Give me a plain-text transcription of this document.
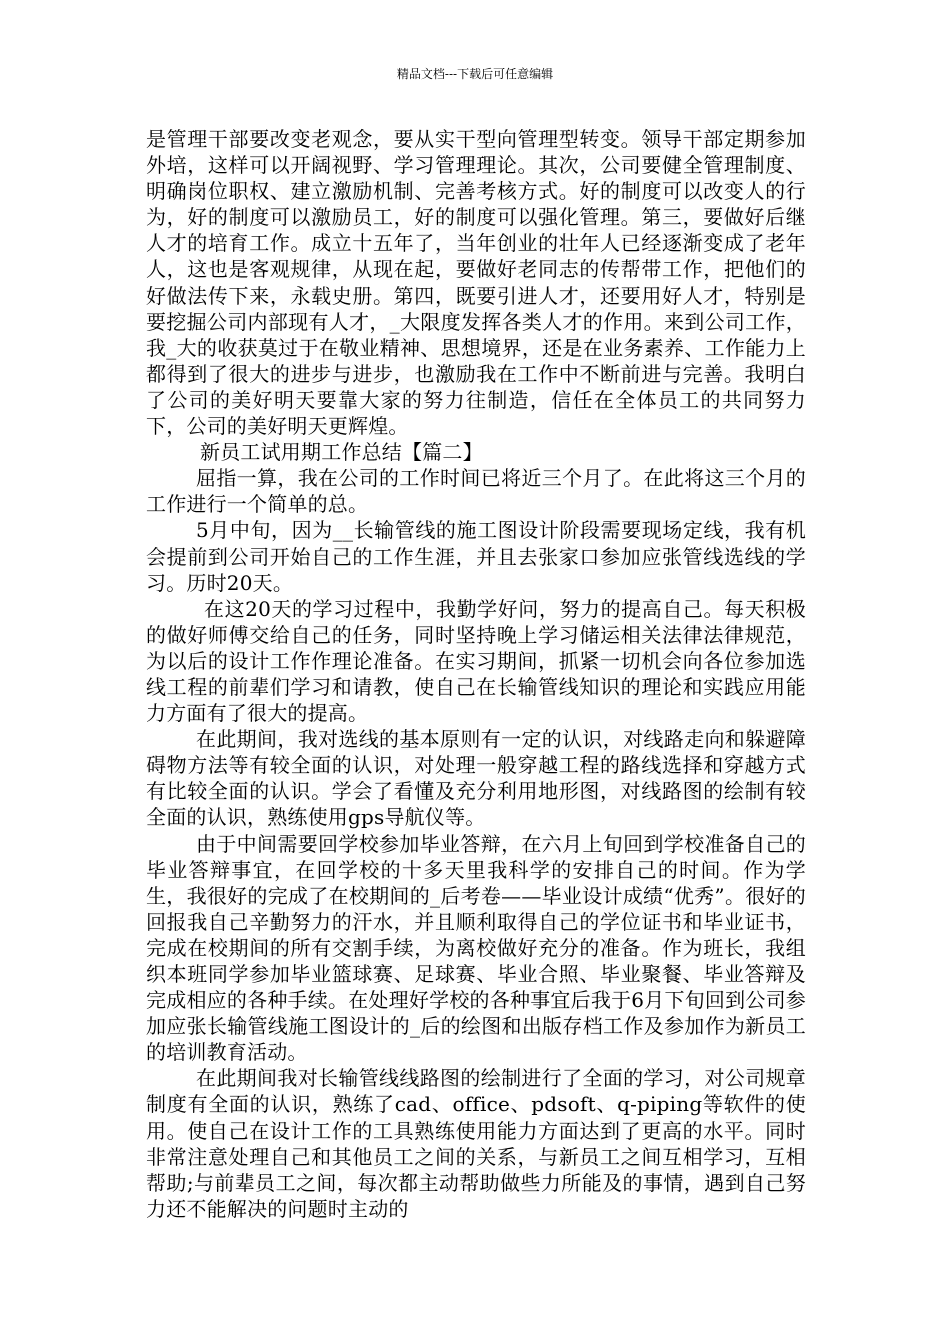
精品文档---下载后可任意编辑

是管理干部要改变老观念，要从实干型向管理型转变。领导干部定期参加外培，这样可以开阔视野、学习管理理论。其次，公司要健全管理制度、明确岗位职权、建立激励机制、完善考核方式。好的制度可以改变人的行为，好的制度可以激励员工，好的制度可以强化管理。第三，要做好后继人才的培育工作。成立十五年了，当年创业的壮年人已经逐渐变成了老年人，这也是客观规律，从现在起，要做好老同志的传帮带工作，把他们的好做法传下来，永载史册。第四，既要引进人才，还要用好人才，特别是要挖掘公司内部现有人才，_大限度发挥各类人才的作用。来到公司工作，我_大的收获莫过于在敬业精神、思想境界，还是在业务素养、工作能力上都得到了很大的进步与进步，也激励我在工作中不断前进与完善。我明白了公司的美好明天要靠大家的努力往制造，信任在全体员工的共同努力下，公司的美好明天更辉煌。

新员工试用期工作总结【篇二】

屈指一算，我在公司的工作时间已将近三个月了。在此将这三个月的工作进行一个简单的总。

5月中旬，因为__长输管线的施工图设计阶段需要现场定线，我有机会提前到公司开始自己的工作生涯，并且去张家口参加应张管线选线的学习。历时20天。

在这20天的学习过程中，我勤学好问，努力的提高自己。每天积极的做好师傅交给自己的任务，同时坚持晚上学习储运相关法律法律规范，为以后的设计工作作理论准备。在实习期间，抓紧一切机会向各位参加选线工程的前辈们学习和请教，使自己在长输管线知识的理论和实践应用能力方面有了很大的提高。

在此期间，我对选线的基本原则有一定的认识，对线路走向和躲避障碍物方法等有较全面的认识，对处理一般穿越工程的路线选择和穿越方式有比较全面的认识。学会了看懂及充分利用地形图，对线路图的绘制有较全面的认识，熟练使用gps导航仪等。

由于中间需要回学校参加毕业答辩，在六月上旬回到学校准备自己的毕业答辩事宜，在回学校的十多天里我科学的安排自己的时间。作为学生，我很好的完成了在校期间的_后考卷——毕业设计成绩“优秀”。很好的回报我自己辛勤努力的汗水，并且顺利取得自己的学位证书和毕业证书，完成在校期间的所有交割手续，为离校做好充分的准备。作为班长，我组织本班同学参加毕业篮球赛、足球赛、毕业合照、毕业聚餐、毕业答辩及完成相应的各种手续。在处理好学校的各种事宜后我于6月下旬回到公司参加应张长输管线施工图设计的_后的绘图和出版存档工作及参加作为新员工的培训教育活动。

在此期间我对长输管线线路图的绘制进行了全面的学习，对公司规章制度有全面的认识，熟练了cad、office、pdsoft、q-piping等软件的使用。使自己在设计工作的工具熟练使用能力方面达到了更高的水平。同时非常注意处理自己和其他员工之间的关系，与新员工之间互相学习，互相帮助;与前辈员工之间，每次都主动帮助做些力所能及的事情，遇到自己努力还不能解决的问题时主动的
